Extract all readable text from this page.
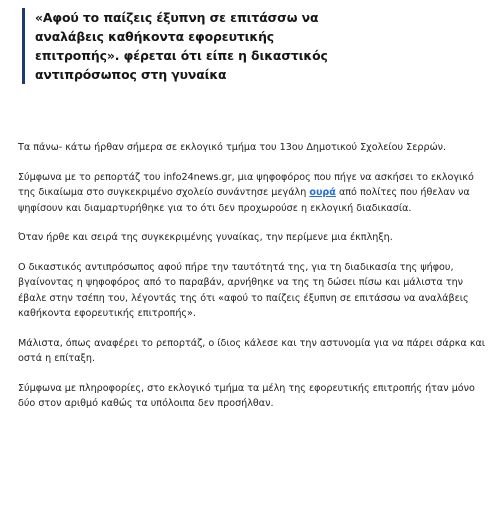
«Αφού το παίζεις έξυπνη σε επιτάσσω να αναλάβεις καθήκοντα εφορευτικής επιτροπής». φέρεται ότι είπε η δικαστικός αντιπρόσωπος στη γυναίκα

Τα πάνω- κάτω ήρθαν σήμερα σε εκλογικό τμήμα του 13ου Δημοτικού Σχολείου Σερρών.

Σύμφωνα με το ρεπορτάζ του info24news.gr, μια ψηφοφόρος που πήγε να ασκήσει το εκλογικό της δικαίωμα στο συγκεκριμένο σχολείο συνάντησε μεγάλη ουρά από πολίτες που ήθελαν να ψηφίσουν και διαμαρτυρήθηκε για το ότι δεν προχωρούσε η εκλογική διαδικασία.

Όταν ήρθε και σειρά της συγκεκριμένης γυναίκας, την περίμενε μια έκπληξη.

Ο δικαστικός αντιπρόσωπος αφού πήρε την ταυτότητά της, για τη διαδικασία της ψήφου, βγαίνοντας η ψηφοφόρος από το παραβάν, αρνήθηκε να της τη δώσει πίσω και μάλιστα την έβαλε στην τσέπη του, λέγοντάς της ότι «αφού το παίζεις έξυπνη σε επιτάσσω να αναλάβεις καθήκοντα εφορευτικής επιτροπής».

Μάλιστα, όπως αναφέρει το ρεπορτάζ, ο ίδιος κάλεσε και την αστυνομία για να πάρει σάρκα και οστά η επίταξη.

Σύμφωνα με πληροφορίες, στο εκλογικό τμήμα τα μέλη της εφορευτικής επιτροπής ήταν μόνο δύο στον αριθμό καθώς τα υπόλοιπα δεν προσήλθαν.
